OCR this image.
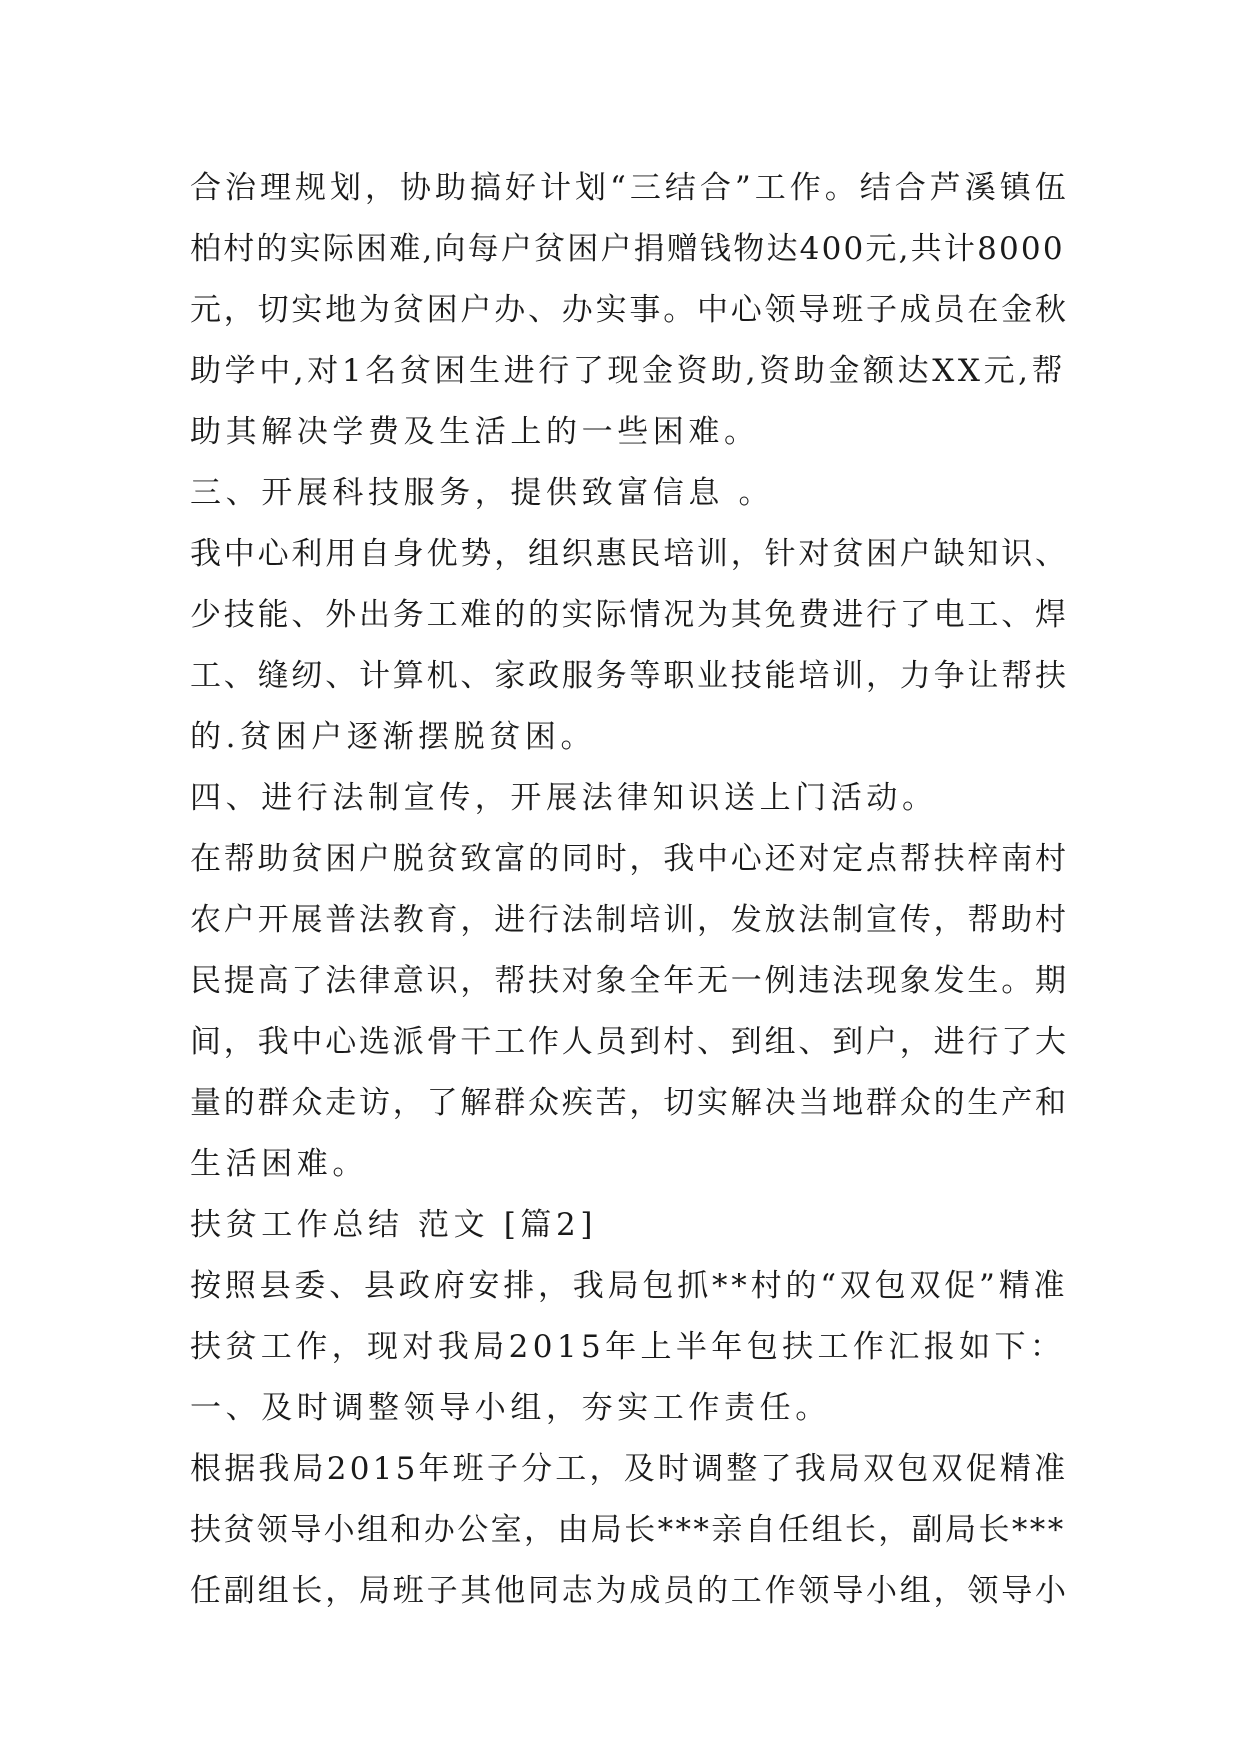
合治理规划，协助搞好计划“三结合”工作。结合芦溪镇伍
柏村的实际困难,向每户贫困户捐赠钱物达400元,共计8000
元，切实地为贫困户办、办实事。中心领导班子成员在金秋
助学中,对1名贫困生进行了现金资助,资助金额达XX元,帮
助其解决学费及生活上的一些困难。
三、开展科技服务，提供致富信息 。
我中心利用自身优势，组织惠民培训，针对贫困户缺知识、
少技能、外出务工难的的实际情况为其免费进行了电工、焊
工、缝纫、计算机、家政服务等职业技能培训，力争让帮扶
的.贫困户逐渐摆脱贫困。
四、进行法制宣传，开展法律知识送上门活动。
在帮助贫困户脱贫致富的同时，我中心还对定点帮扶梓南村
农户开展普法教育，进行法制培训，发放法制宣传，帮助村
民提高了法律意识，帮扶对象全年无一例违法现象发生。期
间，我中心选派骨干工作人员到村、到组、到户，进行了大
量的群众走访，了解群众疾苦，切实解决当地群众的生产和
生活困难。
扶贫工作总结 范文 [篇2]
按照县委、县政府安排，我局包抓**村的“双包双促”精准
扶贫工作，现对我局2015年上半年包扶工作汇报如下：
一、及时调整领导小组，夯实工作责任。
根据我局2015年班子分工，及时调整了我局双包双促精准
扶贫领导小组和办公室，由局长***亲自任组长，副局长***
任副组长，局班子其他同志为成员的工作领导小组，领导小
